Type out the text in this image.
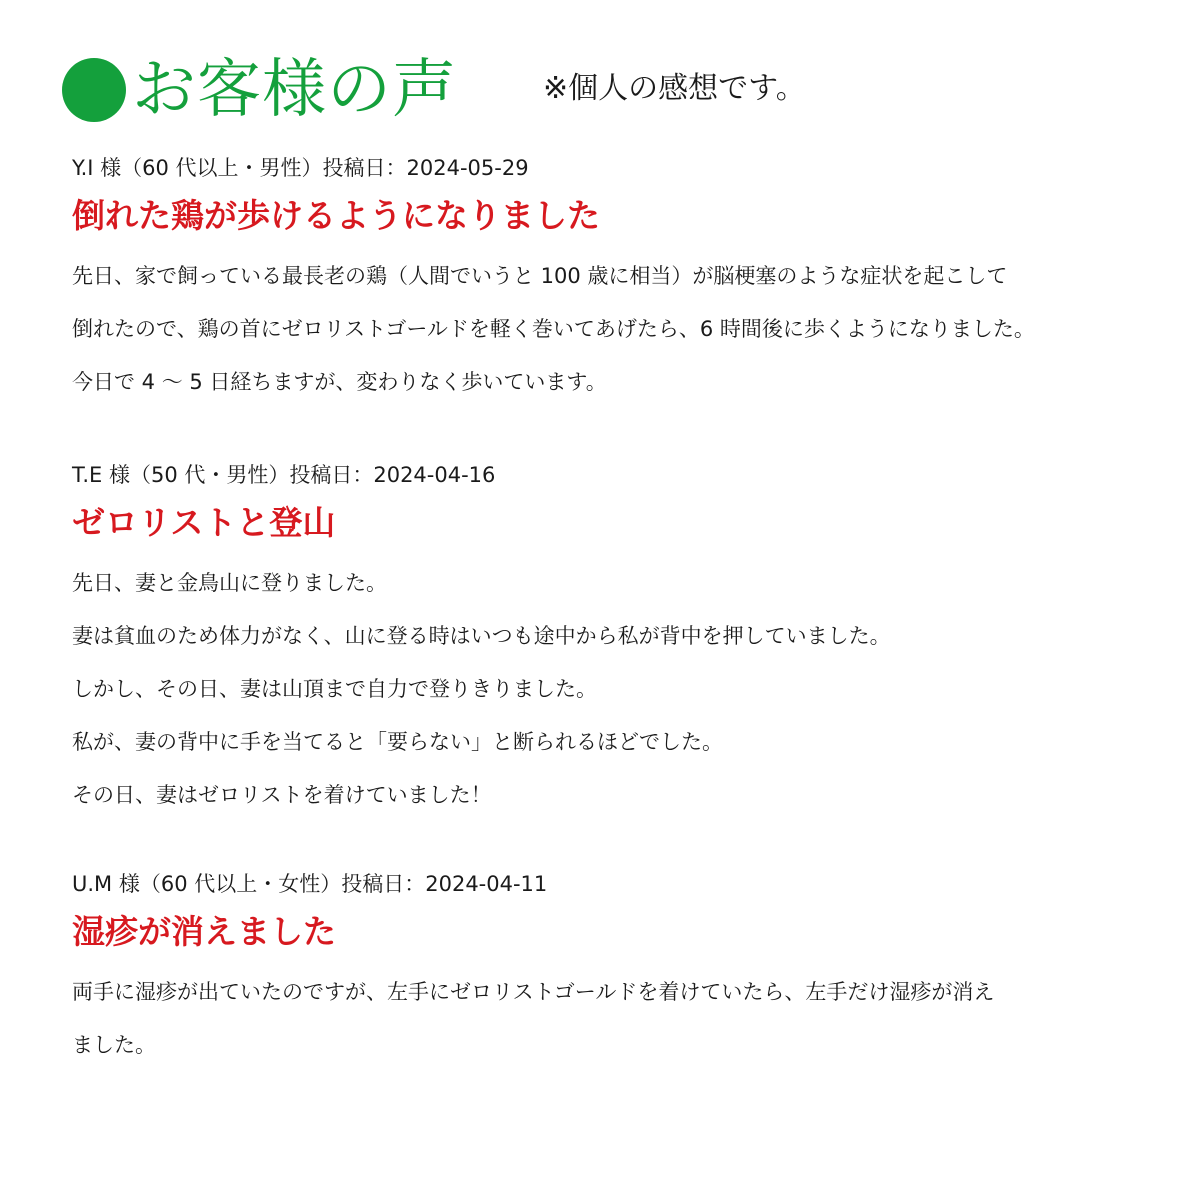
お客様の声	※個人の感想です。
Y.I 様（60 代以上・男性）投稿日：2024-05-29
倒れた鶏が歩けるようになりました
先日、家で飼っている最長老の鶏（人間でいうと 100 歳に相当）が脳梗塞のような症状を起こして
倒れたので、鶏の首にゼロリストゴールドを軽く巻いてあげたら、6 時間後に歩くようになりました。
今日で 4 ～ 5 日経ちますが、変わりなく歩いています。
T.E 様（50 代・男性）投稿日：2024-04-16
ゼロリストと登山
先日、妻と金鳥山に登りました。
妻は貧血のため体力がなく、山に登る時はいつも途中から私が背中を押していました。
しかし、その日、妻は山頂まで自力で登りきりました。
私が、妻の背中に手を当てると「要らない」と断られるほどでした。
その日、妻はゼロリストを着けていました！
U.M 様（60 代以上・女性）投稿日：2024-04-11
湿疹が消えました
両手に湿疹が出ていたのですが、左手にゼロリストゴールドを着けていたら、左手だけ湿疹が消え
ました。
